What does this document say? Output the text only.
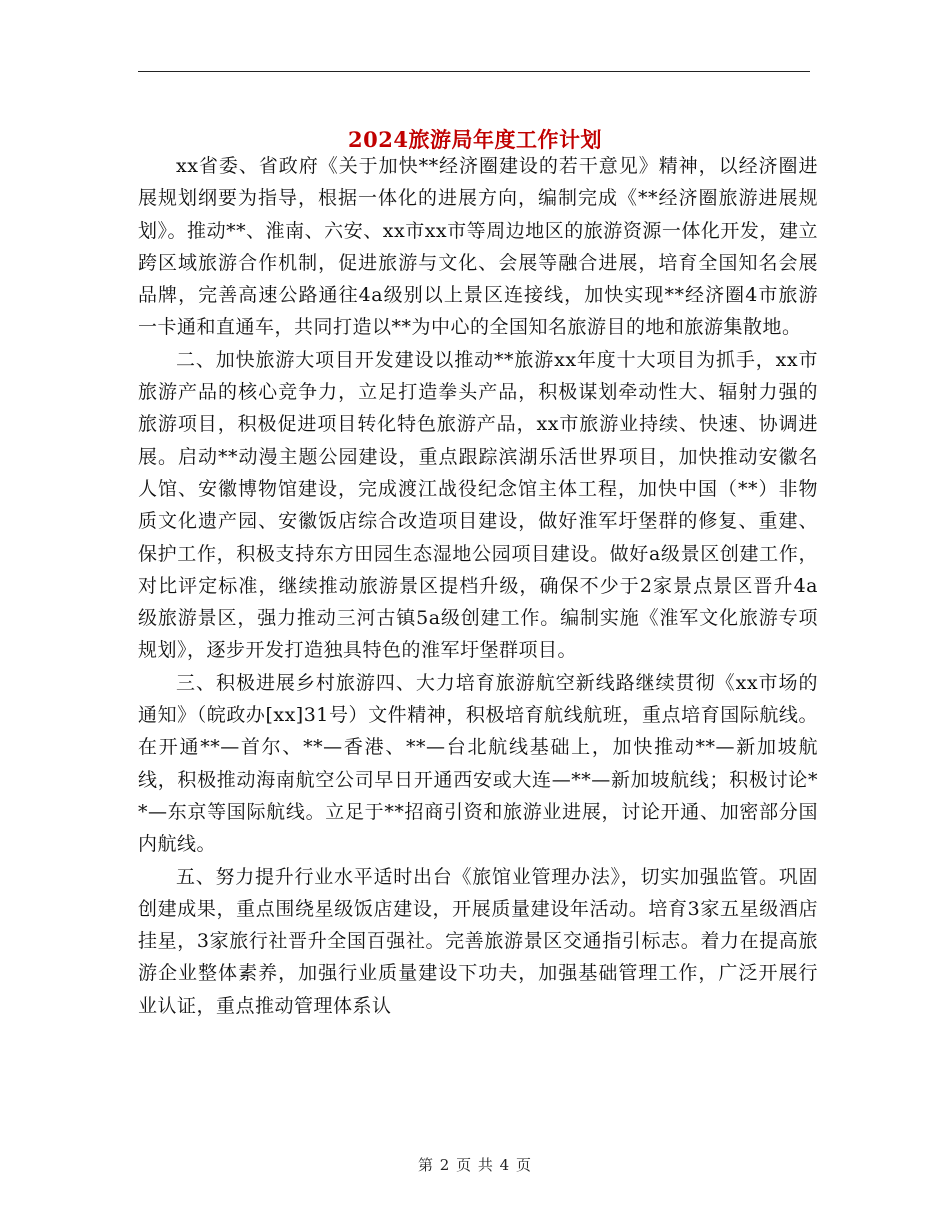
2024旅游局年度工作计划

xx省委、省政府《关于加快**经济圈建设的若干意见》精神，以经济圈进展规划纲要为指导，根据一体化的进展方向，编制完成《**经济圈旅游进展规划》。推动**、淮南、六安、xx市xx市等周边地区的旅游资源一体化开发，建立跨区域旅游合作机制，促进旅游与文化、会展等融合进展，培育全国知名会展品牌，完善高速公路通往4a级别以上景区连接线，加快实现**经济圈4市旅游一卡通和直通车，共同打造以**为中心的全国知名旅游目的地和旅游集散地。

二、加快旅游大项目开发建设以推动**旅游xx年度十大项目为抓手，xx市旅游产品的核心竞争力，立足打造拳头产品，积极谋划牵动性大、辐射力强的旅游项目，积极促进项目转化特色旅游产品，xx市旅游业持续、快速、协调进展。启动**动漫主题公园建设，重点跟踪滨湖乐活世界项目，加快推动安徽名人馆、安徽博物馆建设，完成渡江战役纪念馆主体工程，加快中国（**）非物质文化遗产园、安徽饭店综合改造项目建设，做好淮军圩堡群的修复、重建、保护工作，积极支持东方田园生态湿地公园项目建设。做好a级景区创建工作，对比评定标准，继续推动旅游景区提档升级，确保不少于2家景点景区晋升4a级旅游景区，强力推动三河古镇5a级创建工作。编制实施《淮军文化旅游专项规划》，逐步开发打造独具特色的淮军圩堡群项目。

三、积极进展乡村旅游四、大力培育旅游航空新线路继续贯彻《xx市场的通知》（皖政办[xx]31号）文件精神，积极培育航线航班，重点培育国际航线。在开通**—首尔、**—香港、**—台北航线基础上，加快推动**—新加坡航线，积极推动海南航空公司早日开通西安或大连—**—新加坡航线；积极讨论**—东京等国际航线。立足于**招商引资和旅游业进展，讨论开通、加密部分国内航线。

五、努力提升行业水平适时出台《旅馆业管理办法》，切实加强监管。巩固创建成果，重点围绕星级饭店建设，开展质量建设年活动。培育3家五星级酒店挂星，3家旅行社晋升全国百强社。完善旅游景区交通指引标志。着力在提高旅游企业整体素养，加强行业质量建设下功夫，加强基础管理工作，广泛开展行业认证，重点推动管理体系认

第 2 页 共 4 页
